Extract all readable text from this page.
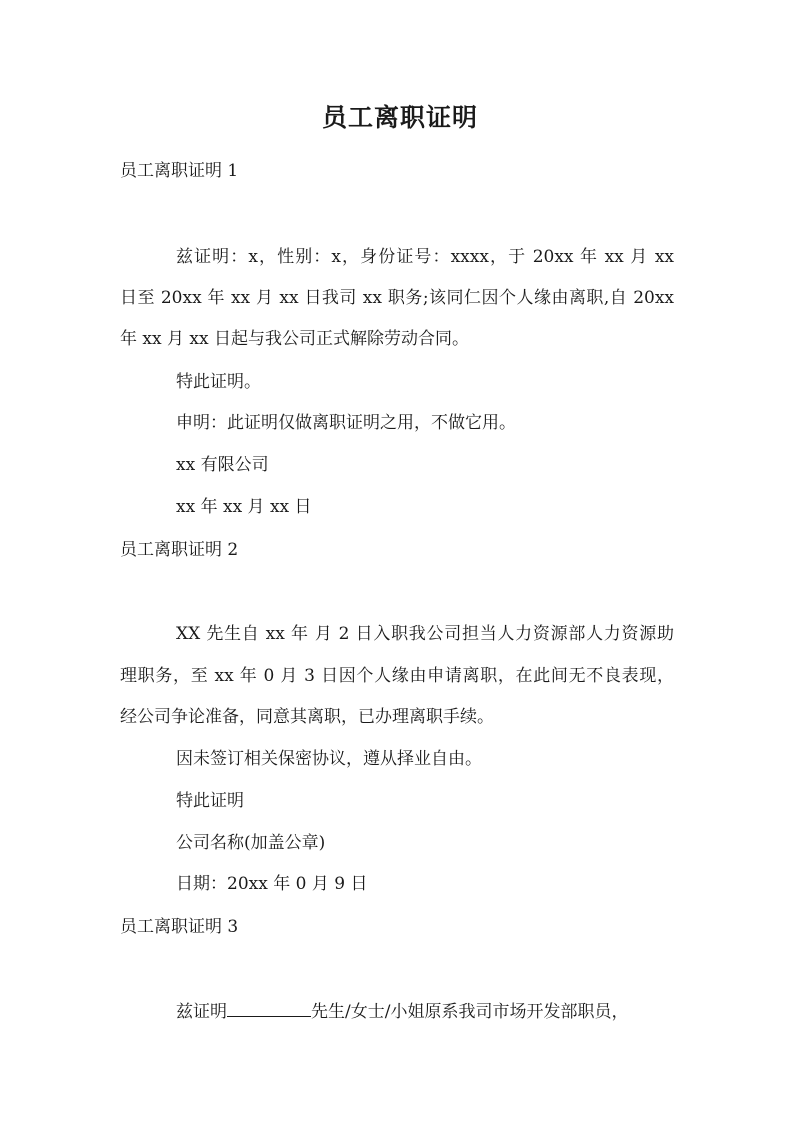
员工离职证明
员工离职证明 1
兹证明：x，性别：x，身份证号：xxxx，于 20xx 年 xx 月 xx
日至 20xx 年 xx 月 xx 日我司 xx 职务;该同仁因个人缘由离职,自 20xx
年 xx 月 xx 日起与我公司正式解除劳动合同。
特此证明。
申明：此证明仅做离职证明之用，不做它用。
xx 有限公司
xx 年 xx 月 xx 日
员工离职证明 2
XX 先生自 xx 年 月 2 日入职我公司担当人力资源部人力资源助
理职务，至 xx 年 0 月 3 日因个人缘由申请离职，在此间无不良表现，
经公司争论准备，同意其离职，已办理离职手续。
因未签订相关保密协议，遵从择业自由。
特此证明
公司名称(加盖公章)
日期：20xx 年 0 月 9 日
员工离职证明 3
兹证明	先生/女士/小姐原系我司市场开发部职员，
